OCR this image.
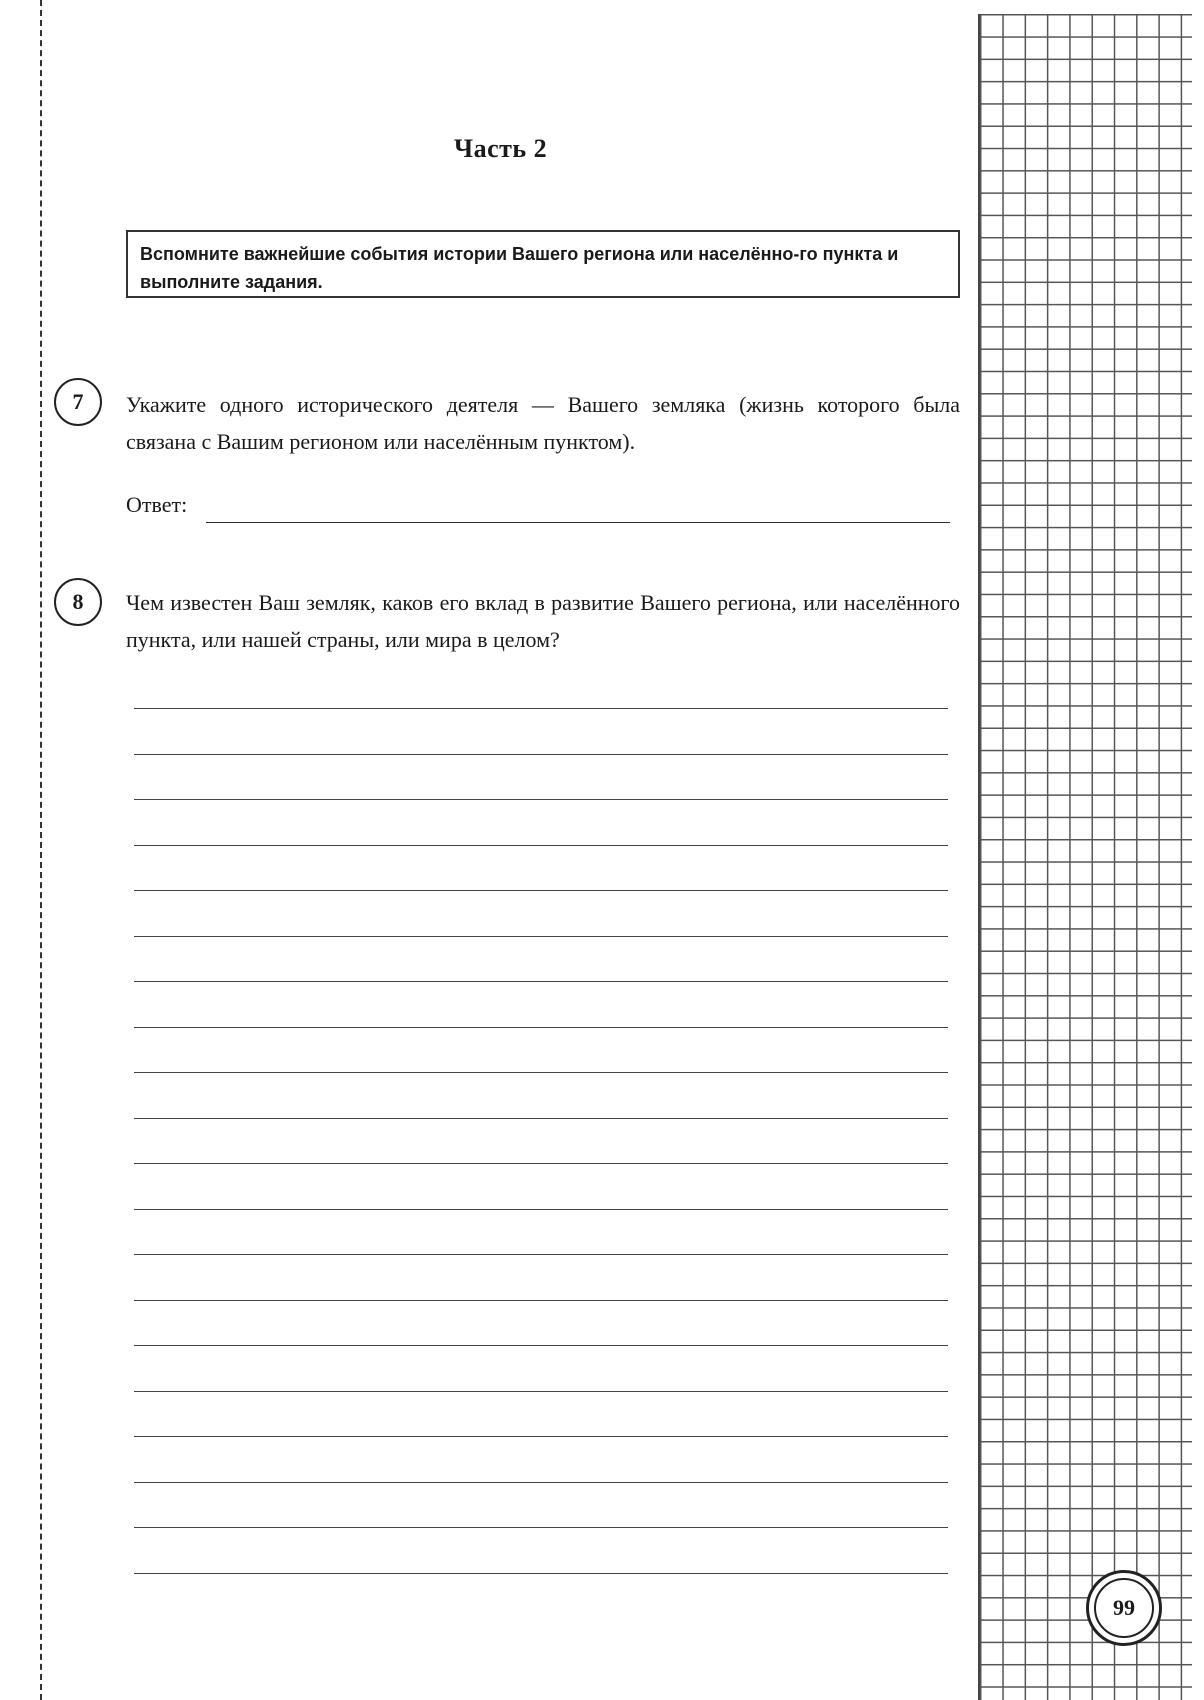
Часть 2
Вспомните важнейшие события истории Вашего региона или населённо-го пункта и выполните задания.
7	Укажите одного исторического деятеля — Вашего земляка (жизнь которого была связана с Вашим регионом или населённым пунктом).
Ответ:
8	Чем известен Ваш земляк, каков его вклад в развитие Вашего региона, или населённого пункта, или нашей страны, или мира в целом?
99
